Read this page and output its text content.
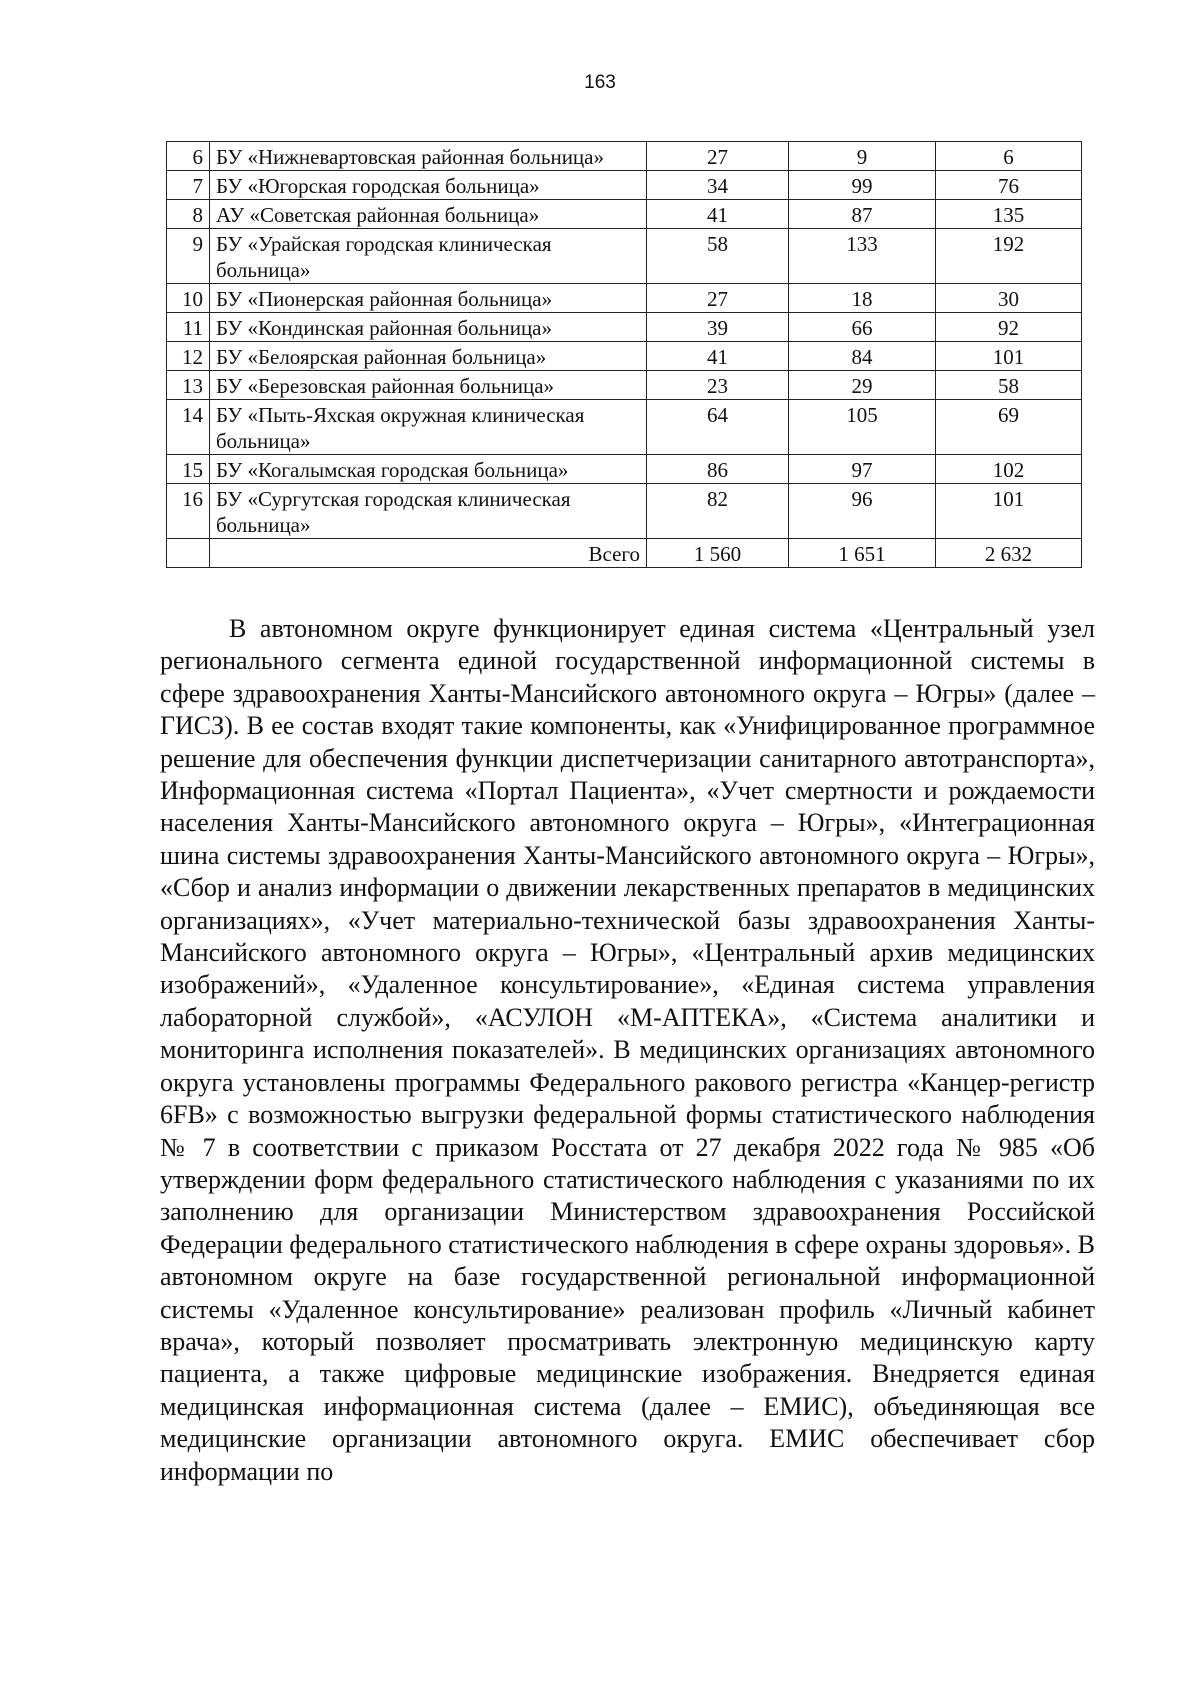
163
6	БУ «Нижневартовская районная больница»	27	9	6
7	БУ «Югорская городская больница»	34	99	76
8	АУ «Советская районная больница»	41	87	135
9	БУ «Урайская городская клиническая больница»	58	133	192
10	БУ «Пионерская районная больница»	27	18	30
11	БУ «Кондинская районная больница»	39	66	92
12	БУ «Белоярская районная больница»	41	84	101
13	БУ «Березовская районная больница»	23	29	58
14	БУ «Пыть-Яхская окружная клиническая больница»	64	105	69
15	БУ «Когалымская городская больница»	86	97	102
16	БУ «Сургутская городская клиническая больница»	82	96	101
	Всего	1 560	1 651	2 632

В автономном округе функционирует единая система «Центральный узел регионального сегмента единой государственной информационной системы в сфере здравоохранения Ханты-Мансийского автономного округа – Югры» (далее – ГИСЗ). В ее состав входят такие компоненты, как «Унифицированное программное решение для обеспечения функции диспетчеризации санитарного автотранспорта», Информационная система «Портал Пациента», «Учет смертности и рождаемости населения Ханты-Мансийского автономного округа – Югры», «Интеграционная шина системы здравоохранения Ханты-Мансийского автономного округа – Югры», «Сбор и анализ информации о движении лекарственных препаратов в медицинских организациях», «Учет материально-технической базы здравоохранения Ханты-Мансийского автономного округа – Югры», «Центральный архив медицинских изображений», «Удаленное консультирование», «Единая система управления лабораторной службой», «АСУЛОН «М-АПТЕКА», «Система аналитики и мониторинга исполнения показателей». В медицинских организациях автономного округа установлены программы Федерального ракового регистра «Канцер-регистр 6FB» с возможностью выгрузки федеральной формы статистического наблюдения № 7 в соответствии с приказом Росстата от 27 декабря 2022 года № 985 «Об утверждении форм федерального статистического наблюдения с указаниями по их заполнению для организации Министерством здравоохранения Российской Федерации федерального статистического наблюдения в сфере охраны здоровья». В автономном округе на базе государственной региональной информационной системы «Удаленное консультирование» реализован профиль «Личный кабинет врача», который позволяет просматривать электронную медицинскую карту пациента, а также цифровые медицинские изображения. Внедряется единая медицинская информационная система (далее – ЕМИС), объединяющая все медицинские организации автономного округа. ЕМИС обеспечивает сбор информации по
